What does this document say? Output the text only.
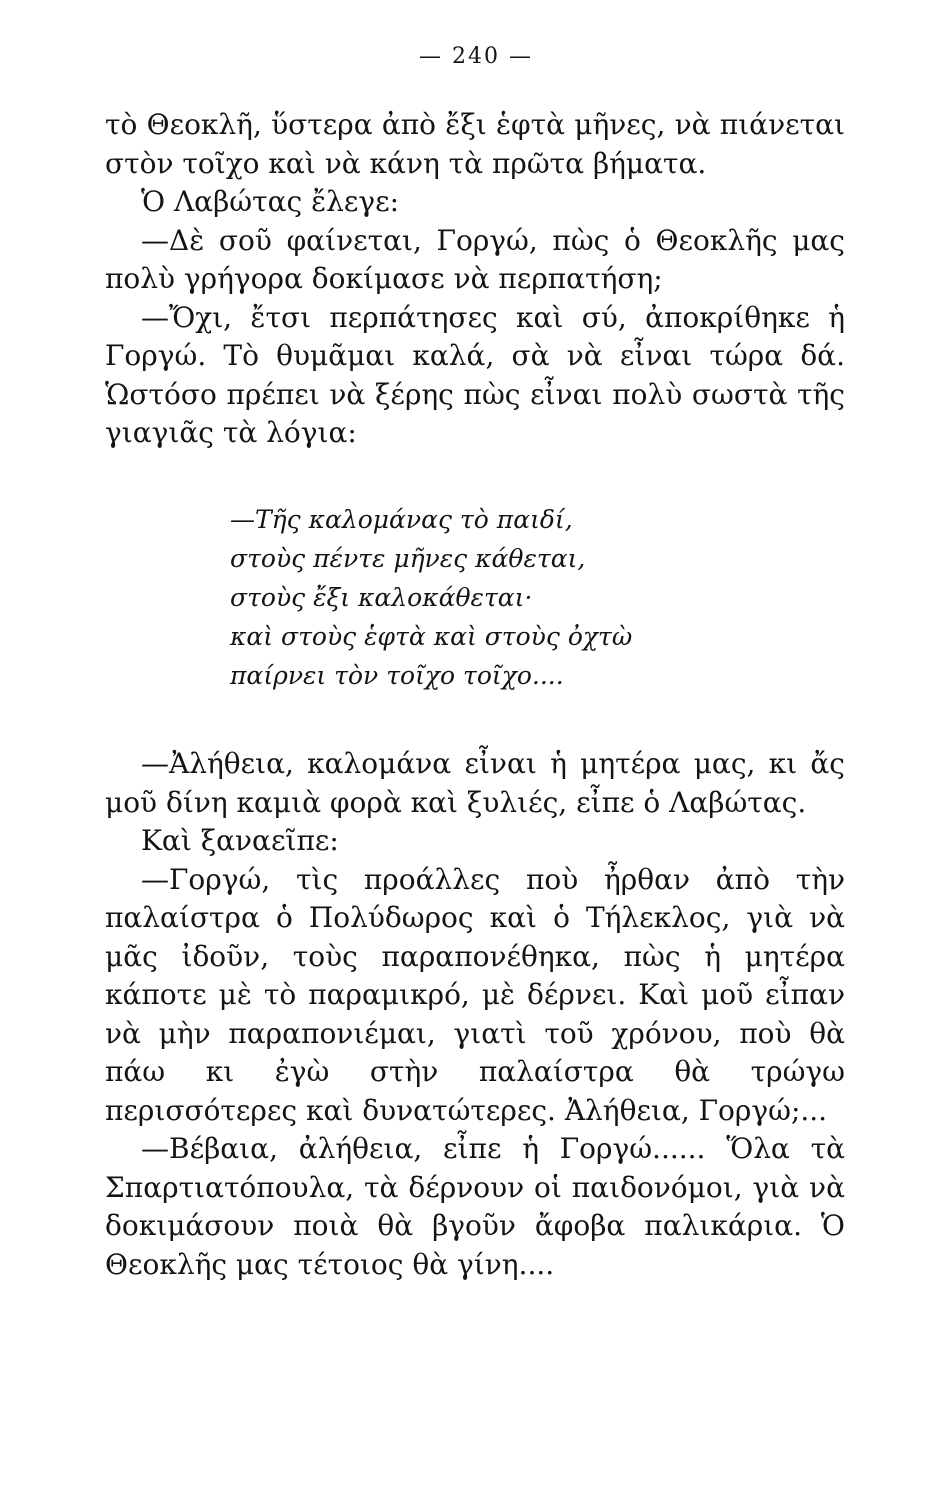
— 240 —

τὸ Θεοκλῆ, ὕστερα ἀπὸ ἔξι ἑφτὰ μῆνες, νὰ πιάνεται στὸν τοῖχο καὶ νὰ κάνη τὰ πρῶτα βήματα.

Ὁ Λαβώτας ἔλεγε:

—Δὲ σοῦ φαίνεται, Γοργώ, πὼς ὁ Θεοκλῆς μας πολὺ γρήγορα δοκίμασε νὰ περπατήση;

—Ὄχι, ἔτσι περπάτησες καὶ σύ, ἀποκρίθηκε ἡ Γοργώ. Τὸ θυμᾶμαι καλά, σὰ νὰ εἶναι τώρα δά. Ὡστόσο πρέπει νὰ ξέρης πὼς εἶναι πολὺ σωστὰ τῆς γιαγιᾶς τὰ λόγια:

—Τῆς καλομάνας τὸ παιδί,
στοὺς πέντε μῆνες κάθεται,
στοὺς ἔξι καλοκάθεται·
καὶ στοὺς ἑφτὰ καὶ στοὺς ὀχτὼ
παίρνει τὸν τοῖχο τοῖχο....

—Ἀλήθεια, καλομάνα εἶναι ἡ μητέρα μας, κι ἄς μοῦ δίνη καμιὰ φορὰ καὶ ξυλιές, εἶπε ὁ Λαβώτας.

Καὶ ξαναεῖπε:

—Γοργώ, τὶς προάλλες ποὺ ἦρθαν ἀπὸ τὴν παλαίστρα ὁ Πολύδωρος καὶ ὁ Τήλεκλος, γιὰ νὰ μᾶς ἰδοῦν, τοὺς παραπονέθηκα, πὼς ἡ μητέρα κάποτε μὲ τὸ παραμικρό, μὲ δέρνει. Καὶ μοῦ εἶπαν νὰ μὴν παραπονιέμαι, γιατὶ τοῦ χρόνου, ποὺ θὰ πάω κι ἐγὼ στὴν παλαίστρα θὰ τρώγω περισσότερες καὶ δυνατώτερες. Ἀλήθεια, Γοργώ;...

—Βέβαια, ἀλήθεια, εἶπε ἡ Γοργώ...... Ὅλα τὰ Σπαρτιατόπουλα, τὰ δέρνουν οἱ παιδονόμοι, γιὰ νὰ δοκιμάσουν ποιὰ θὰ βγοῦν ἄφοβα παλικάρια. Ὁ Θεοκλῆς μας τέτοιος θὰ γίνη....
